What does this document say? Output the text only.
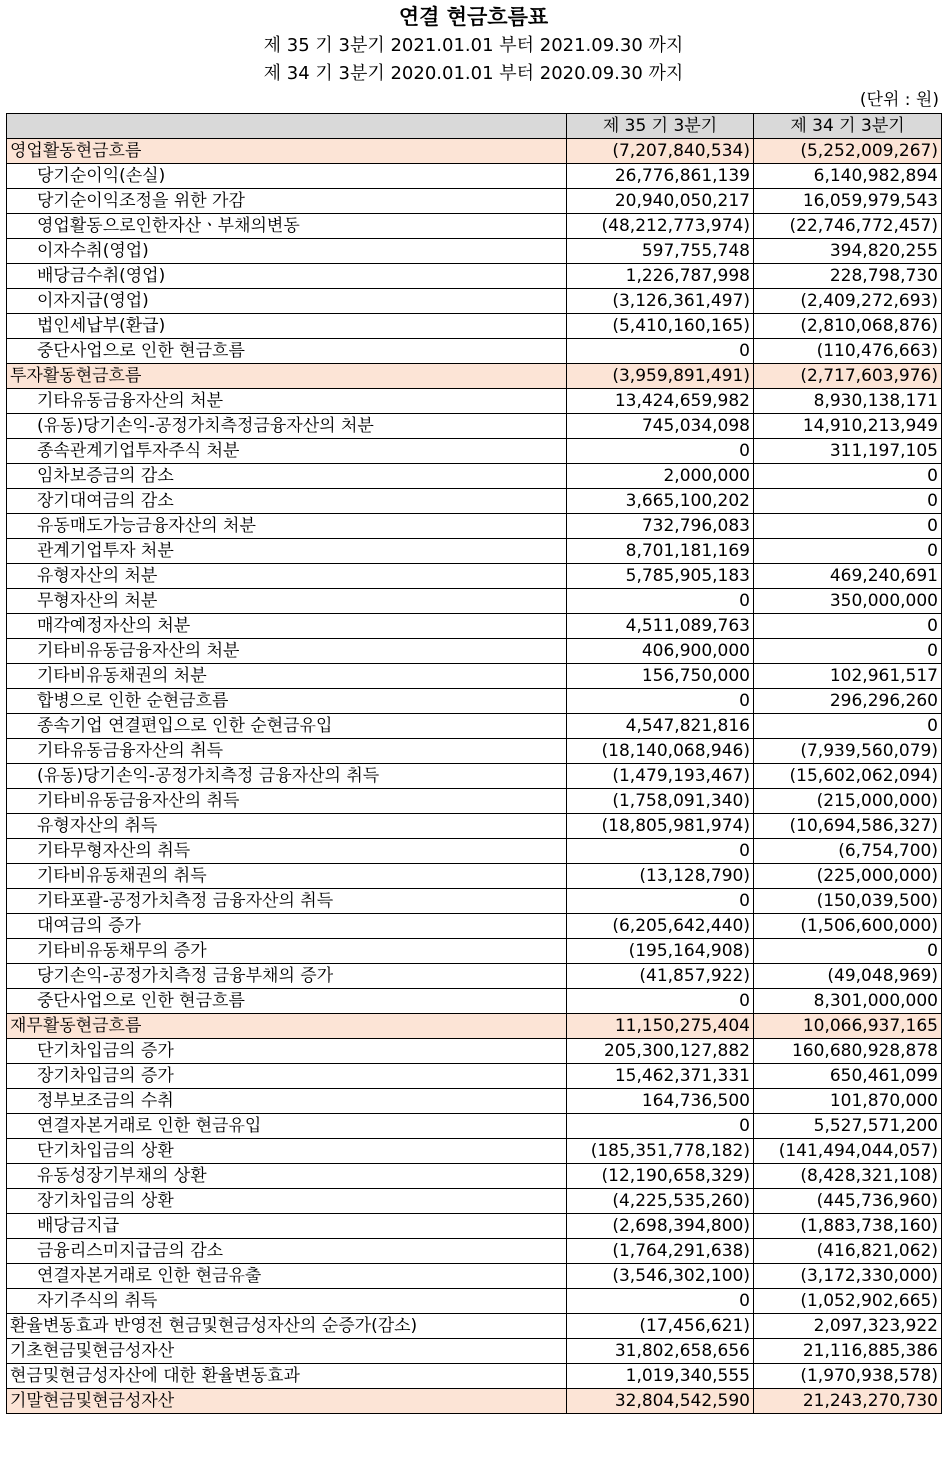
연결 현금흐름표
제 35 기 3분기 2021.01.01 부터 2021.09.30 까지
제 34 기 3분기 2020.01.01 부터 2020.09.30 까지
(단위 : 원)
	제 35 기 3분기	제 34 기 3분기
영업활동현금흐름	(7,207,840,534)	(5,252,009,267)
당기순이익(손실)	26,776,861,139	6,140,982,894
당기순이익조정을 위한 가감	20,940,050,217	16,059,979,543
영업활동으로인한자산ㆍ부채의변동	(48,212,773,974)	(22,746,772,457)
이자수취(영업)	597,755,748	394,820,255
배당금수취(영업)	1,226,787,998	228,798,730
이자지급(영업)	(3,126,361,497)	(2,409,272,693)
법인세납부(환급)	(5,410,160,165)	(2,810,068,876)
중단사업으로 인한 현금흐름	0	(110,476,663)
투자활동현금흐름	(3,959,891,491)	(2,717,603,976)
기타유동금융자산의 처분	13,424,659,982	8,930,138,171
(유동)당기손익-공정가치측정금융자산의 처분	745,034,098	14,910,213,949
종속관계기업투자주식 처분	0	311,197,105
임차보증금의 감소	2,000,000	0
장기대여금의 감소	3,665,100,202	0
유동매도가능금융자산의 처분	732,796,083	0
관계기업투자 처분	8,701,181,169	0
유형자산의 처분	5,785,905,183	469,240,691
무형자산의 처분	0	350,000,000
매각예정자산의 처분	4,511,089,763	0
기타비유동금융자산의 처분	406,900,000	0
기타비유동채권의 처분	156,750,000	102,961,517
합병으로 인한 순현금흐름	0	296,296,260
종속기업 연결편입으로 인한 순현금유입	4,547,821,816	0
기타유동금융자산의 취득	(18,140,068,946)	(7,939,560,079)
(유동)당기손익-공정가치측정 금융자산의 취득	(1,479,193,467)	(15,602,062,094)
기타비유동금융자산의 취득	(1,758,091,340)	(215,000,000)
유형자산의 취득	(18,805,981,974)	(10,694,586,327)
기타무형자산의 취득	0	(6,754,700)
기타비유동채권의 취득	(13,128,790)	(225,000,000)
기타포괄-공정가치측정 금융자산의 취득	0	(150,039,500)
대여금의 증가	(6,205,642,440)	(1,506,600,000)
기타비유동채무의 증가	(195,164,908)	0
당기손익-공정가치측정 금융부채의 증가	(41,857,922)	(49,048,969)
중단사업으로 인한 현금흐름	0	8,301,000,000
재무활동현금흐름	11,150,275,404	10,066,937,165
단기차입금의 증가	205,300,127,882	160,680,928,878
장기차입금의 증가	15,462,371,331	650,461,099
정부보조금의 수취	164,736,500	101,870,000
연결자본거래로 인한 현금유입	0	5,527,571,200
단기차입금의 상환	(185,351,778,182)	(141,494,044,057)
유동성장기부채의 상환	(12,190,658,329)	(8,428,321,108)
장기차입금의 상환	(4,225,535,260)	(445,736,960)
배당금지급	(2,698,394,800)	(1,883,738,160)
금융리스미지급금의 감소	(1,764,291,638)	(416,821,062)
연결자본거래로 인한 현금유출	(3,546,302,100)	(3,172,330,000)
자기주식의 취득	0	(1,052,902,665)
환율변동효과 반영전 현금및현금성자산의 순증가(감소)	(17,456,621)	2,097,323,922
기초현금및현금성자산	31,802,658,656	21,116,885,386
현금및현금성자산에 대한 환율변동효과	1,019,340,555	(1,970,938,578)
기말현금및현금성자산	32,804,542,590	21,243,270,730
